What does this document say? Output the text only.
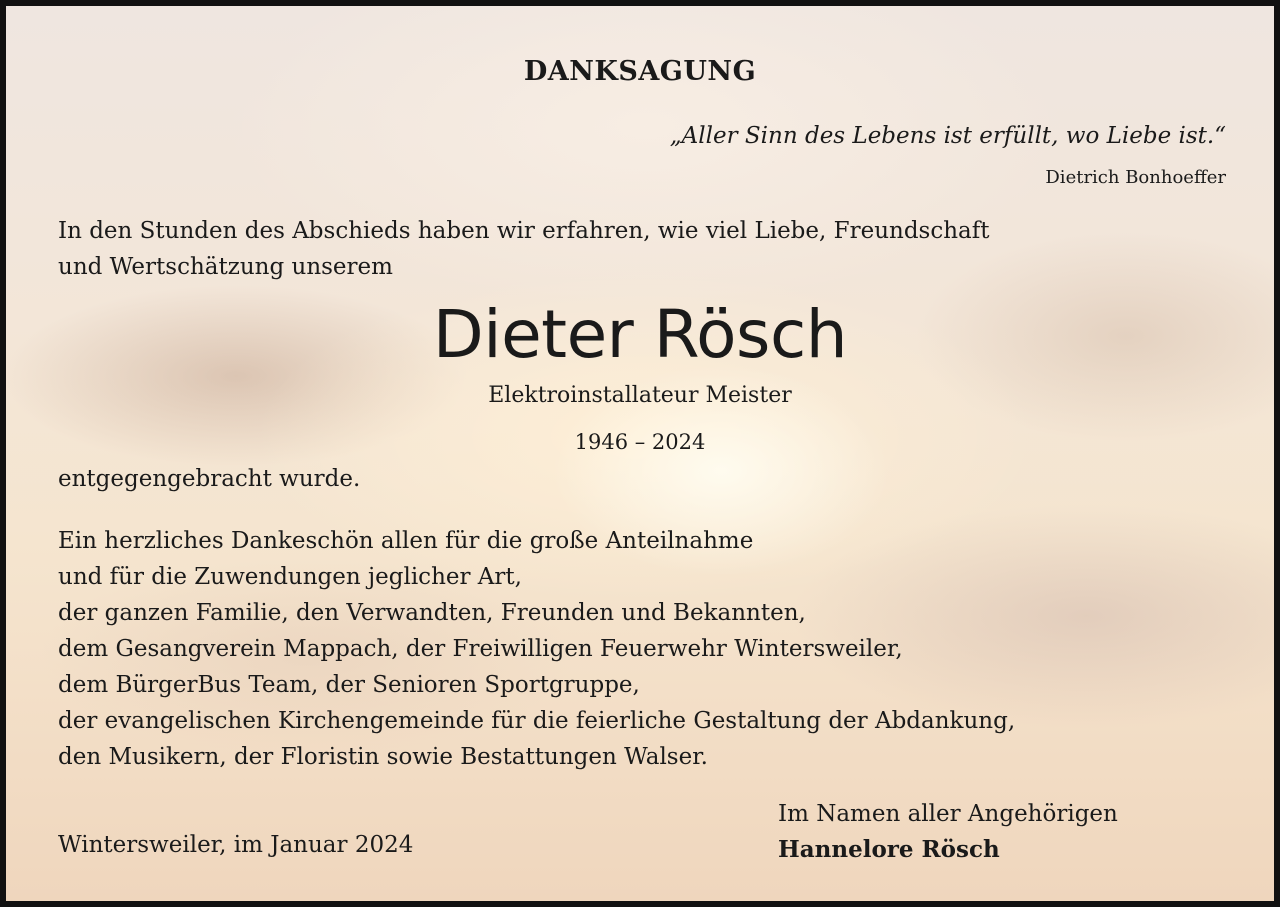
DANKSAGUNG
„Aller Sinn des Lebens ist erfüllt, wo Liebe ist.“
Dietrich Bonhoeffer
In den Stunden des Abschieds haben wir erfahren, wie viel Liebe, Freundschaft
und Wertschätzung unserem
Dieter Rösch
Elektroinstallateur Meister
1946 – 2024
entgegengebracht wurde.
Ein herzliches Dankeschön allen für die große Anteilnahme
und für die Zuwendungen jeglicher Art,
der ganzen Familie, den Verwandten, Freunden und Bekannten,
dem Gesangverein Mappach, der Freiwilligen Feuerwehr Wintersweiler,
dem BürgerBus Team, der Senioren Sportgruppe,
der evangelischen Kirchengemeinde für die feierliche Gestaltung der Abdankung,
den Musikern, der Floristin sowie Bestattungen Walser.
Wintersweiler, im Januar 2024
Im Namen aller Angehörigen
Hannelore Rösch
